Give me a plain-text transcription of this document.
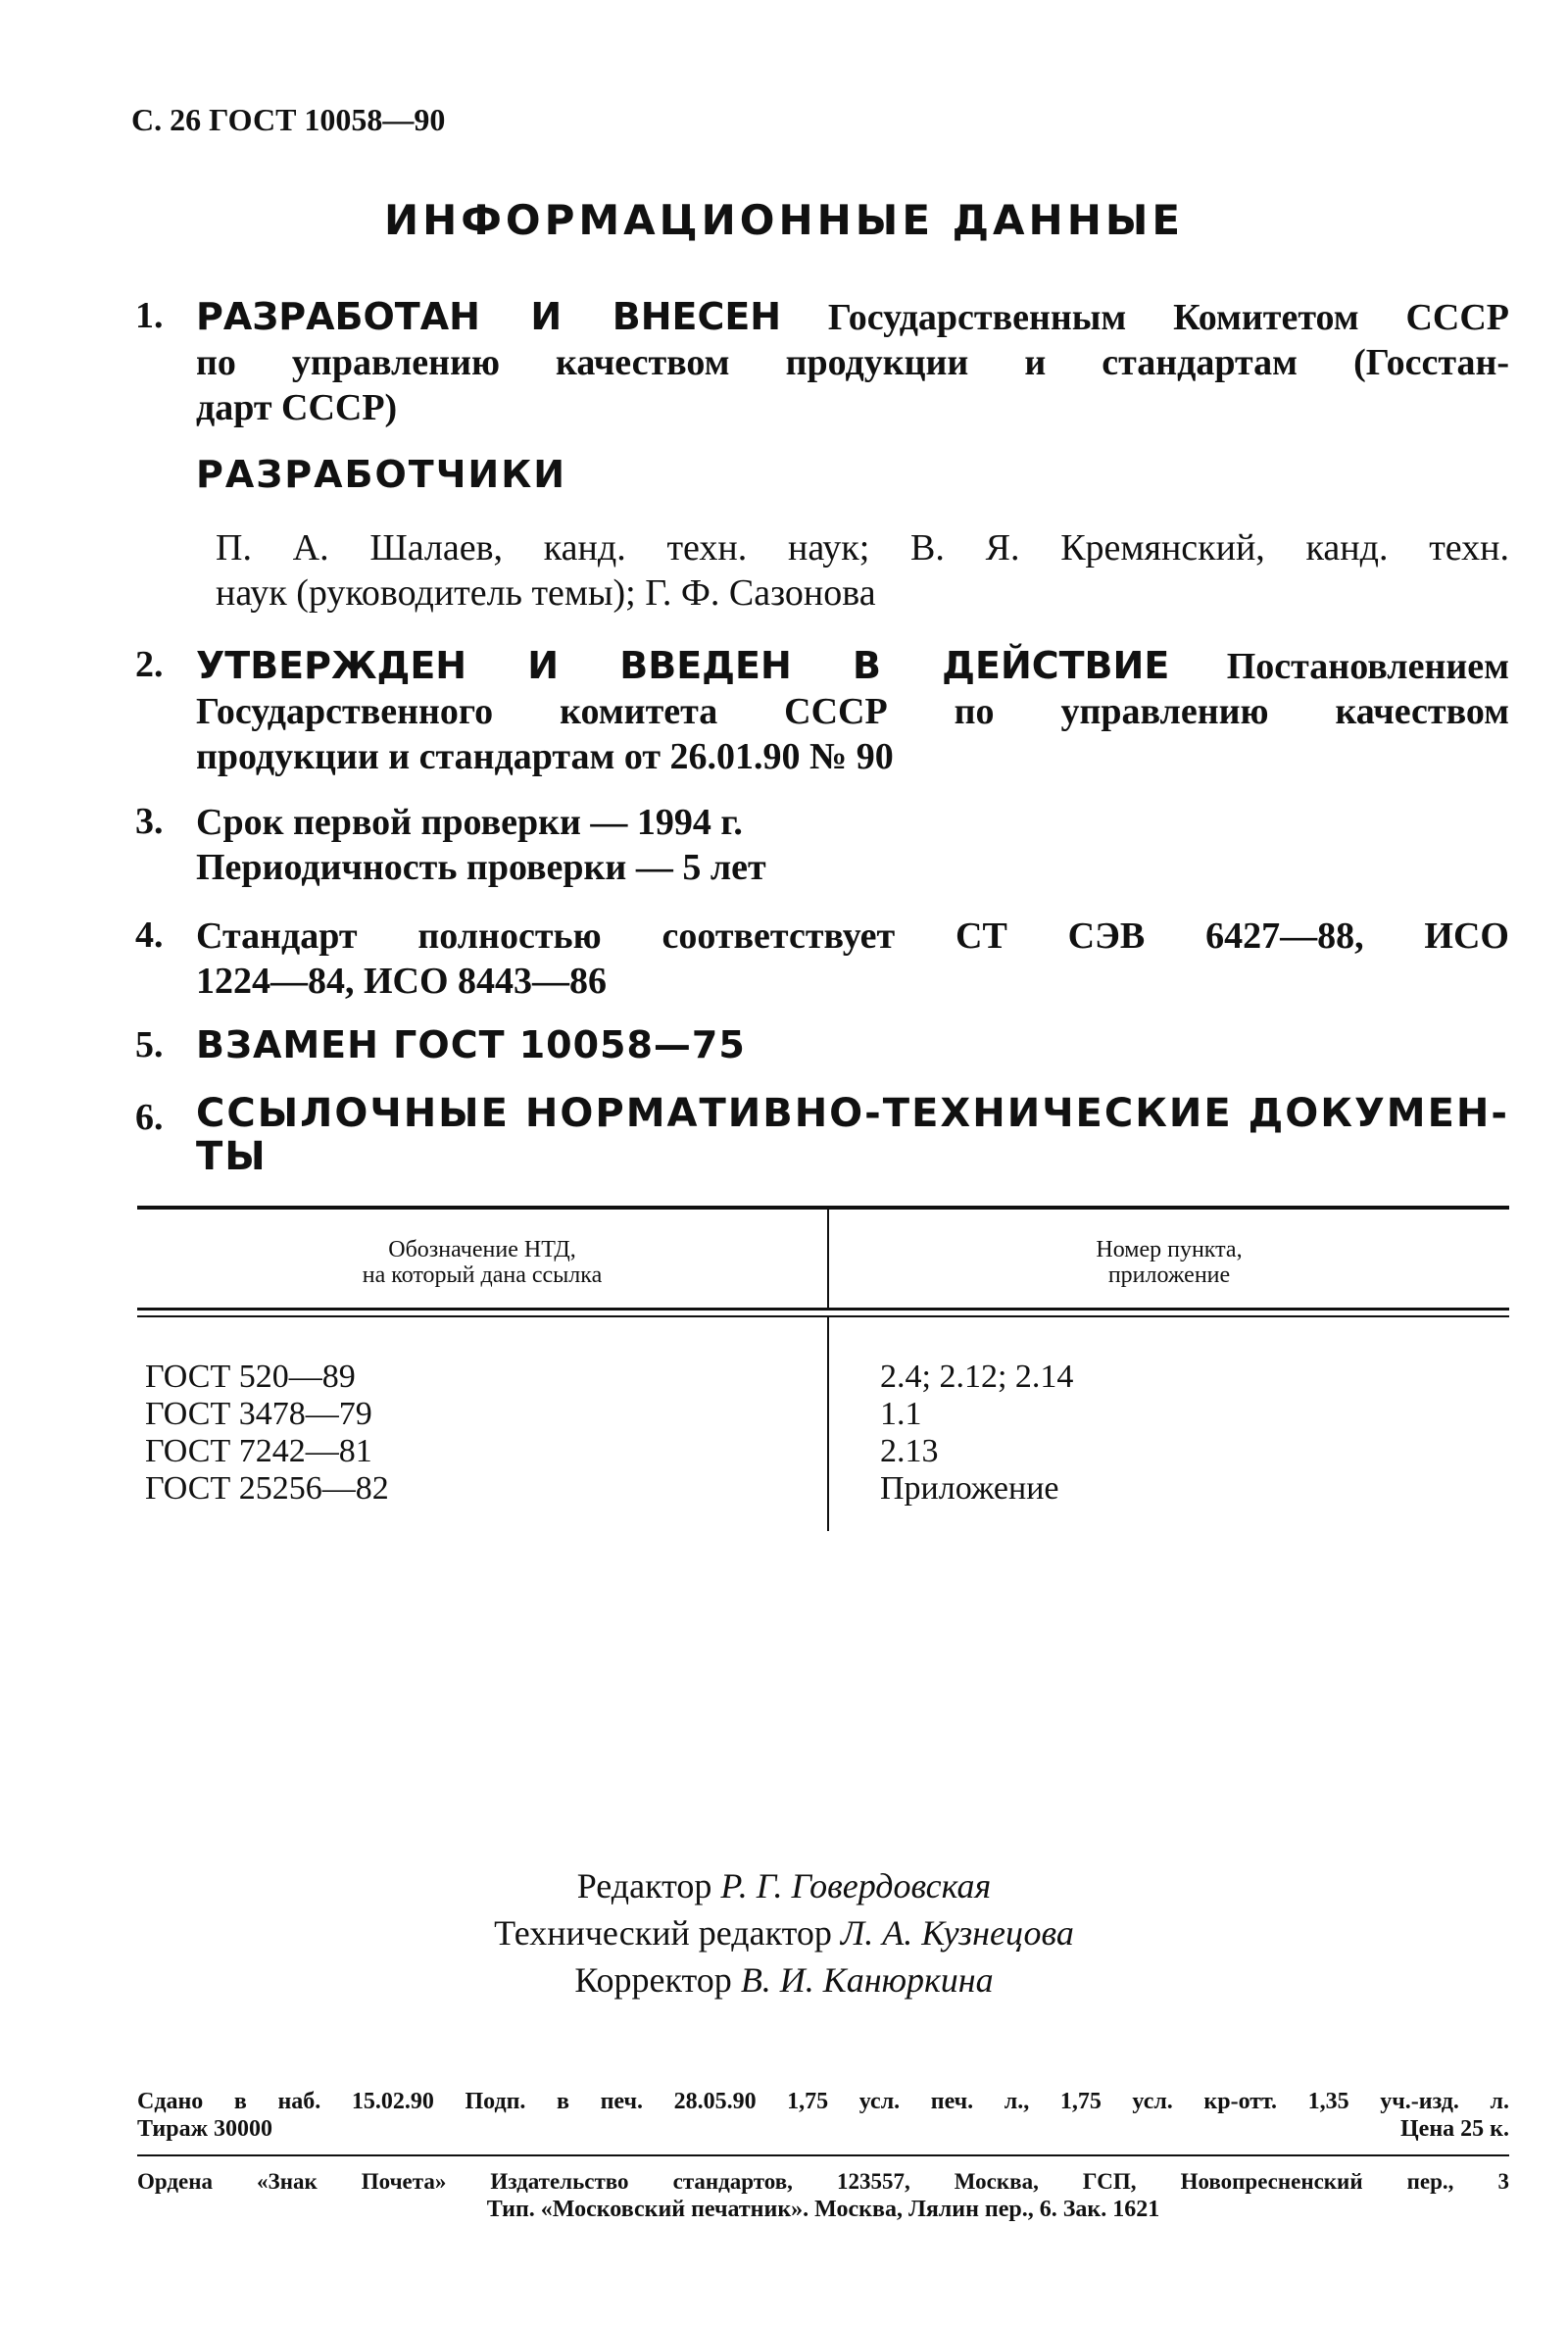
С. 26 ГОСТ 10058—90
ИНФОРМАЦИОННЫЕ ДАННЫЕ
1. РАЗРАБОТАН И ВНЕСЕН Государственным Комитетом СССР
по управлению качеством продукции и стандартам (Госстан-
дарт СССР)
РАЗРАБОТЧИКИ
П. А. Шалаев, канд. техн. наук; В. Я. Кремянский, канд. техн.
наук (руководитель темы); Г. Ф. Сазонова
2. УТВЕРЖДЕН И ВВЕДЕН В ДЕЙСТВИЕ Постановлением
Государственного комитета СССР по управлению качеством
продукции и стандартам от 26.01.90 № 90
3. Срок первой проверки — 1994 г.
Периодичность проверки — 5 лет
4. Стандарт полностью соответствует СТ СЭВ 6427—88, ИСО
1224—84, ИСО 8443—86
5. ВЗАМЕН ГОСТ 10058—75
6. ССЫЛОЧНЫЕ НОРМАТИВНО-ТЕХНИЧЕСКИЕ ДОКУМЕН-
ТЫ
Обозначение НТД,
на который дана ссылка
Номер пункта,
приложение
ГОСТ 520—89
ГОСТ 3478—79
ГОСТ 7242—81
ГОСТ 25256—82
2.4; 2.12; 2.14
1.1
2.13
Приложение
Редактор Р. Г. Говердовская
Технический редактор Л. А. Кузнецова
Корректор В. И. Канюркина
Сдано в наб. 15.02.90 Подп. в печ. 28.05.90 1,75 усл. печ. л., 1,75 усл. кр-отт. 1,35 уч.-изд. л.
Тираж 30000	Цена 25 к.
Ордена «Знак Почета» Издательство стандартов, 123557, Москва, ГСП, Новопресненский пер., 3
Тип. «Московский печатник». Москва, Лялин пер., 6. Зак. 1621
